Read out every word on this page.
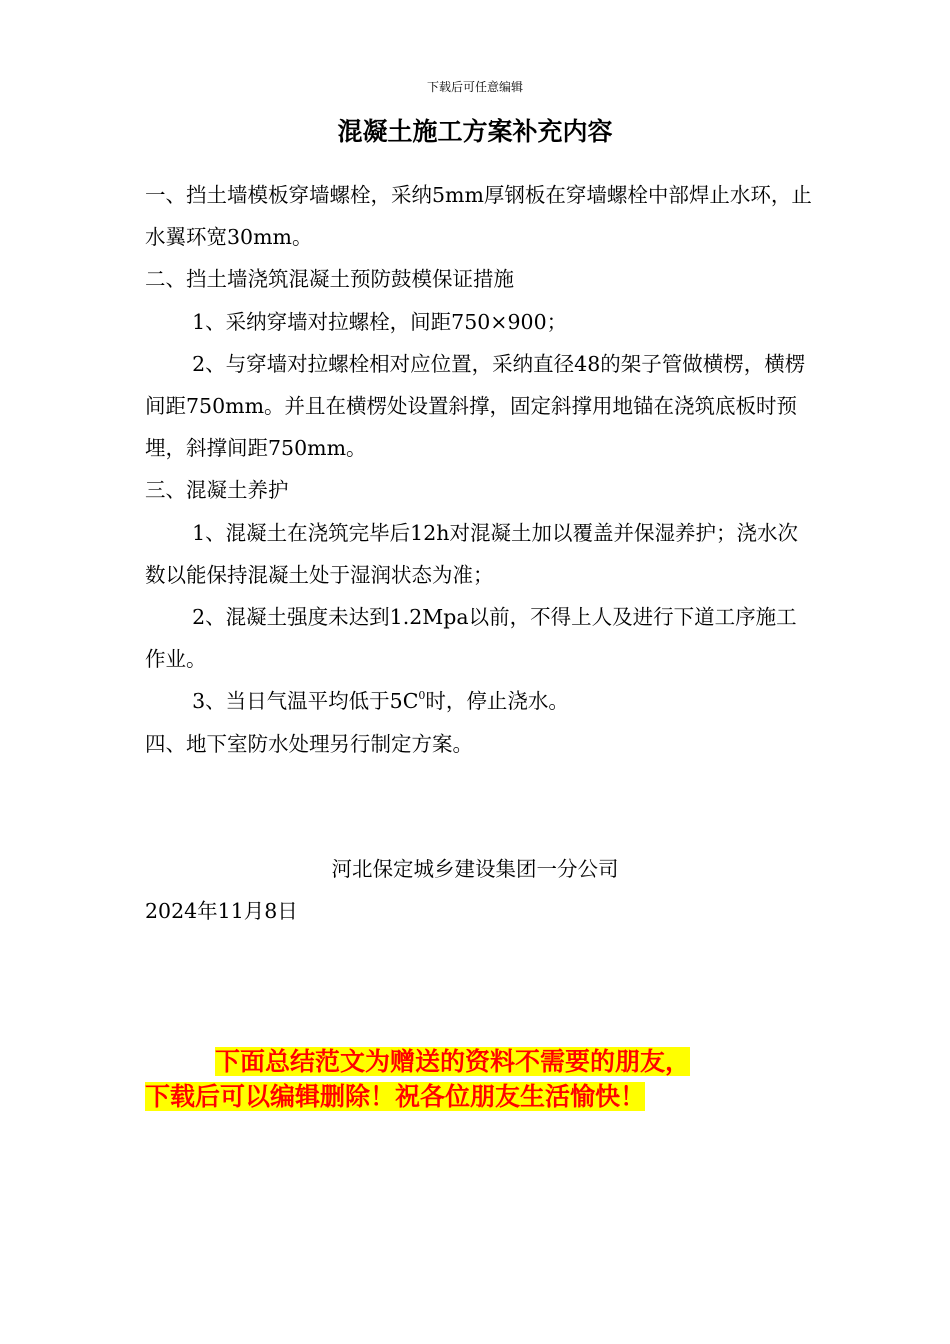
下载后可任意编辑
混凝土施工方案补充内容

一、挡土墙模板穿墙螺栓，采纳5mm厚钢板在穿墙螺栓中部焊止水环，止水翼环宽30mm。

二、挡土墙浇筑混凝土预防鼓模保证措施

1、采纳穿墙对拉螺栓，间距750×900；

2、与穿墙对拉螺栓相对应位置，采纳直径48的架子管做横楞，横楞间距750mm。并且在横楞处设置斜撑，固定斜撑用地锚在浇筑底板时预埋，斜撑间距750mm。

三、混凝土养护

1、混凝土在浇筑完毕后12h对混凝土加以覆盖并保湿养护；浇水次数以能保持混凝土处于湿润状态为准；

2、混凝土强度未达到1.2Mpa以前，不得上人及进行下道工序施工作业。

3、当日气温平均低于$5C^0$时，停止浇水。

四、地下室防水处理另行制定方案。

河北保定城乡建设集团一分公司
2024年11月8日
下面总结范文为赠送的资料不需要的朋友，
下载后可以编辑删除！祝各位朋友生活愉快！
